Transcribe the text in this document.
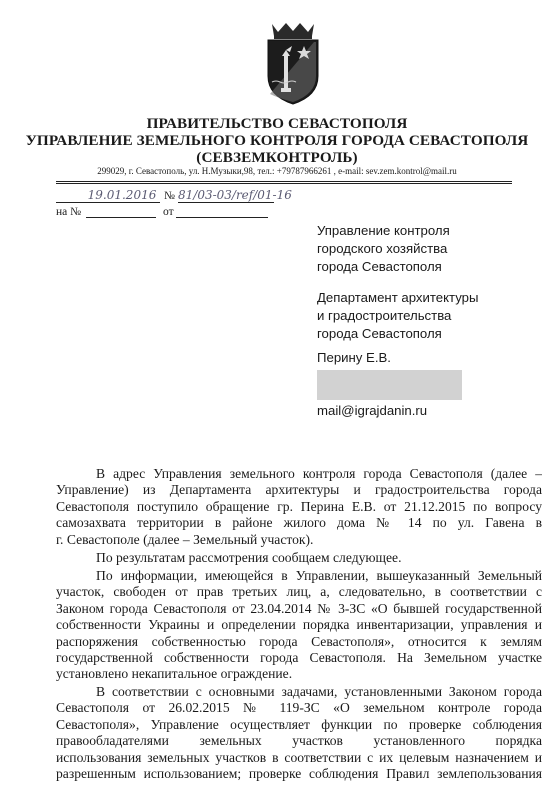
ПРАВИТЕЛЬСТВО СЕВАСТОПОЛЯ
УПРАВЛЕНИЕ ЗЕМЕЛЬНОГО КОНТРОЛЯ ГОРОДА СЕВАСТОПОЛЯ
(СЕВЗЕМКОНТРОЛЬ)
299029, г. Севастополь, ул. Н.Музыки,98, тел.: +79787966261 , e-mail: sev.zem.kontrol@mail.ru
19.01.2016 № 81/03-03/ref/01-16
на №	от
Управление контроля
городского хозяйства
города Севастополя
Департамент архитектуры
и градостроительства
города Севастополя
Перину Е.В.
mail@igrajdanin.ru
В адрес Управления земельного контроля города Севастополя (далее –
Управление) из Департамента архитектуры и градостроительства города
Севастополя поступило обращение гр. Перина Е.В. от 21.12.2015 по вопросу
самозахвата территории в районе жилого дома № 14 по ул. Гавена в
г. Севастополе (далее – Земельный участок).
По результатам рассмотрения сообщаем следующее.
По информации, имеющейся в Управлении, вышеуказанный Земельный
участок, свободен от прав третьих лиц, а, следовательно, в соответствии с
Законом города Севастополя от 23.04.2014 № 3-ЗС «О бывшей государственной
собственности Украины и определении порядка инвентаризации, управления и
распоряжения собственностью города Севастополя», относится к землям
государственной собственности города Севастополя. На Земельном участке
установлено некапитальное ограждение.
В соответствии с основными задачами, установленными Законом города
Севастополя от 26.02.2015 № 119-ЗС «О земельном контроле города
Севастополя», Управление осуществляет функции по проверке соблюдения
правообладателями земельных участков установленного порядка
использования земельных участков в соответствии с их целевым назначением и
разрешенным использованием; проверке соблюдения Правил землепользования
